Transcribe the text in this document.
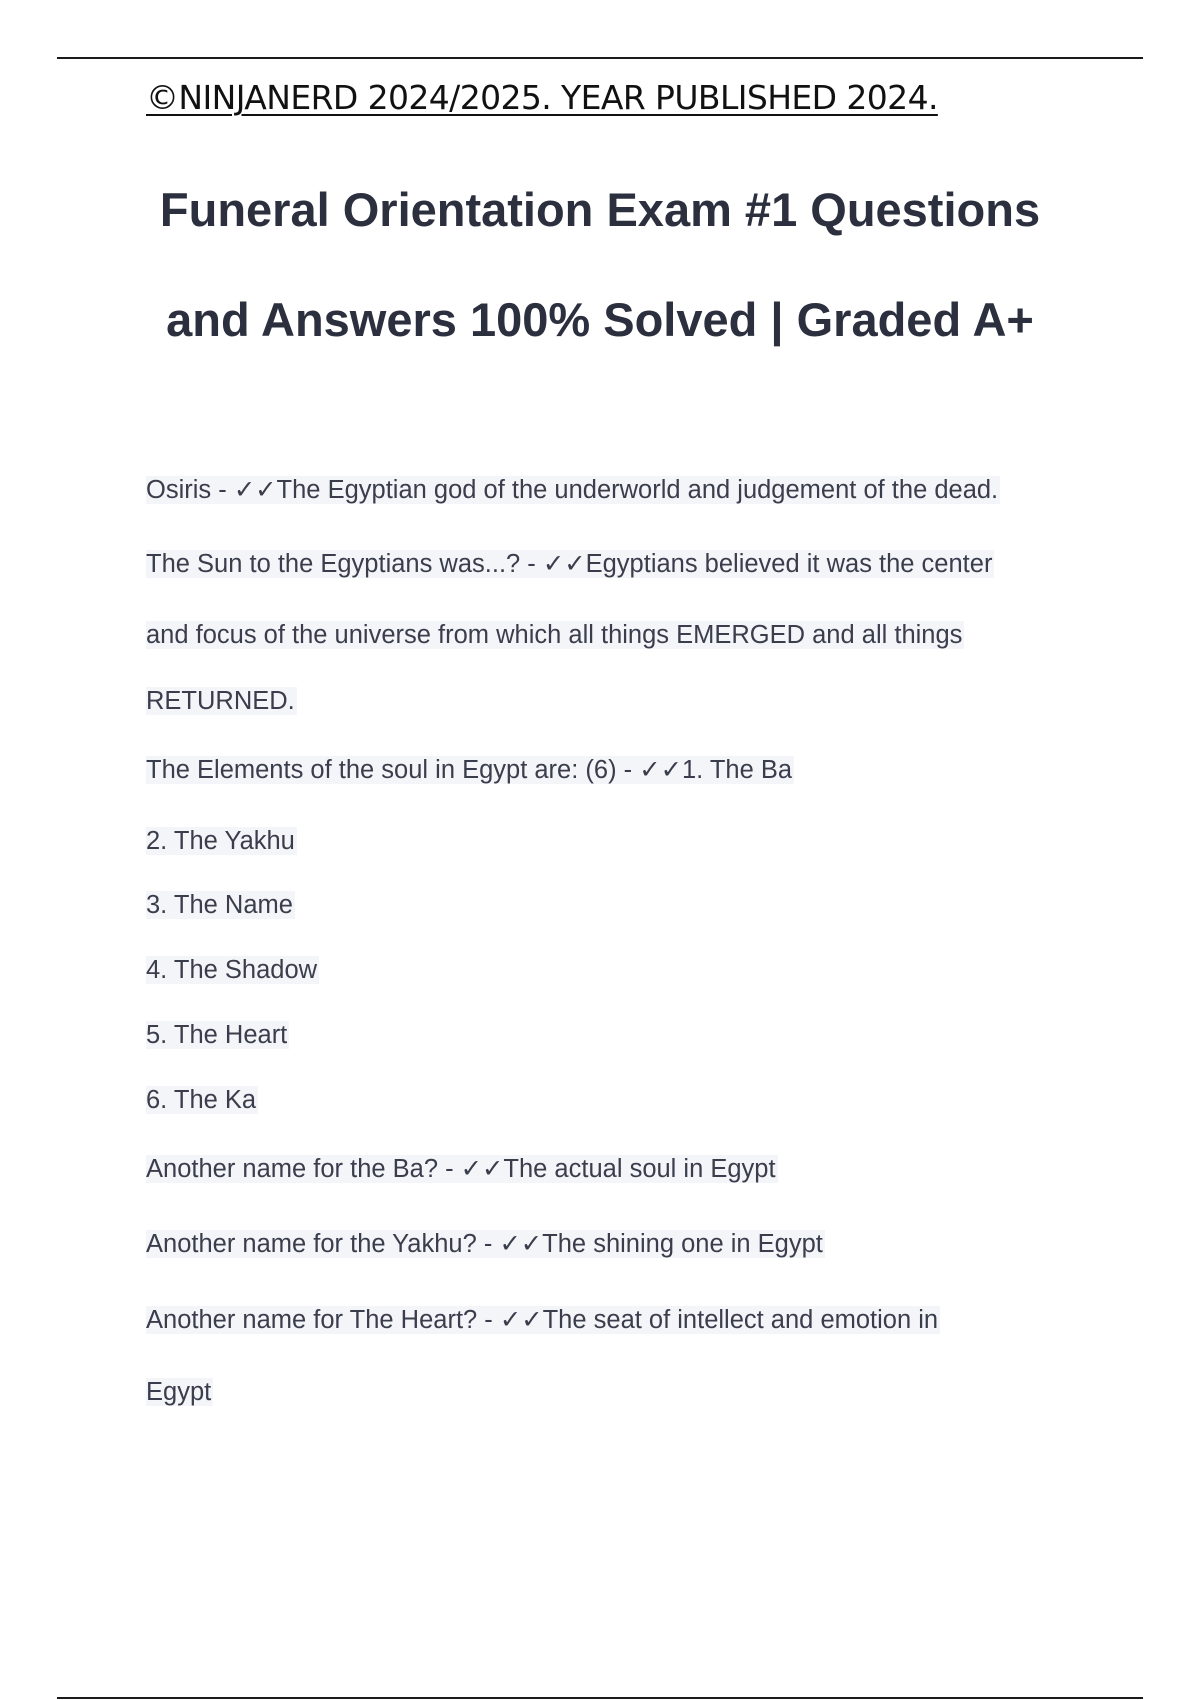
©NINJANERD 2024/2025. YEAR PUBLISHED 2024.
Funeral Orientation Exam #1 Questions
and Answers 100% Solved | Graded A+
Osiris - ✓✓The Egyptian god of the underworld and judgement of the dead.
The Sun to the Egyptians was...? - ✓✓Egyptians believed it was the center
and focus of the universe from which all things EMERGED and all things
RETURNED.
The Elements of the soul in Egypt are: (6) - ✓✓1. The Ba
2. The Yakhu
3. The Name
4. The Shadow
5. The Heart
6. The Ka
Another name for the Ba? - ✓✓The actual soul in Egypt
Another name for the Yakhu? - ✓✓The shining one in Egypt
Another name for The Heart? - ✓✓The seat of intellect and emotion in
Egypt
